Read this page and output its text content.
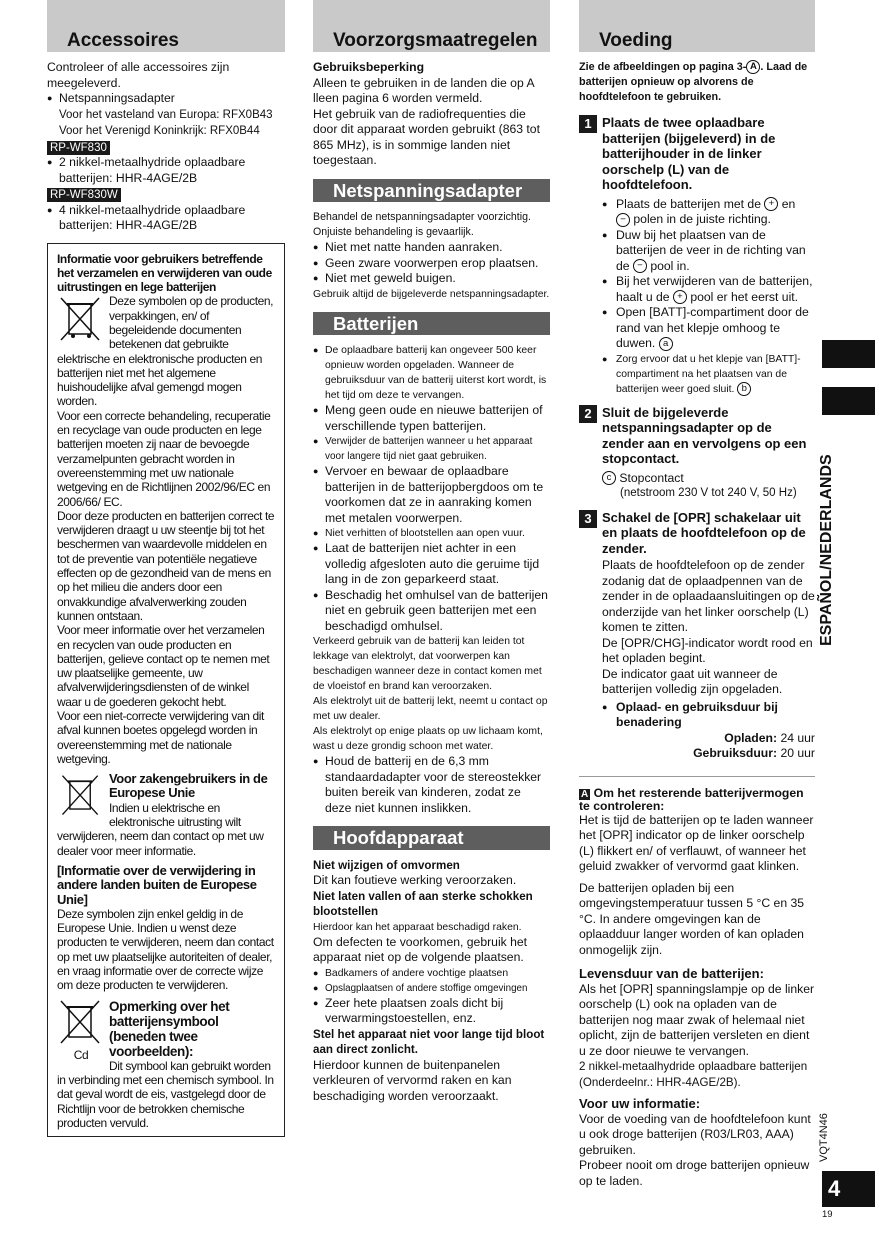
Accessoires

Controleer of alle accessoires zijn meegeleverd.

● Netspanningsadapter

Voor het vasteland van Europa: RFX0B43

Voor het Verenigd Koninkrijk: RFX0B44

RP-WF830

● 2 nikkel-metaalhydride oplaadbare batterijen: HHR-4AGE/2B

RP-WF830W

● 4 nikkel-metaalhydride oplaadbare batterijen: HHR-4AGE/2B

Informatie voor gebruikers betreffende het verzamelen en verwijderen van oude uitrustingen en lege batterijen

Deze symbolen op de producten, verpakkingen, en/ of begeleidende documenten betekenen dat gebruikte elektrische en elektronische producten en batterijen niet met het algemene huishoudelijke afval gemengd mogen worden.

Voor een correcte behandeling, recuperatie en recyclage van oude producten en lege batterijen moeten zij naar de bevoegde verzamelpunten gebracht worden in overeenstemming met uw nationale wetgeving en de Richtlijnen 2002/96/EC en 2006/66/ EC.

Door deze producten en batterijen correct te verwijderen draagt u uw steentje bij tot het beschermen van waardevolle middelen en tot de preventie van potentiële negatieve effecten op de gezondheid van de mens en op het milieu die anders door een onvakkundige afvalverwerking zouden kunnen ontstaan.

Voor meer informatie over het verzamelen en recyclen van oude producten en batterijen, gelieve contact op te nemen met uw plaatselijke gemeente, uw afvalverwijderingsdiensten of de winkel waar u de goederen gekocht hebt.

Voor een niet-correcte verwijdering van dit afval kunnen boetes opgelegd worden in overeenstemming met de nationale wetgeving.

Voor zakengebruikers in de Europese Unie

Indien u elektrische en elektronische uitrusting wilt verwijderen, neem dan contact op met uw dealer voor meer informatie.

[Informatie over de verwijdering in andere landen buiten de Europese Unie]

Deze symbolen zijn enkel geldig in de Europese Unie. Indien u wenst deze producten te verwijderen, neem dan contact op met uw plaatselijke autoriteiten of dealer, en vraag informatie over de correcte wijze om deze producten te verwijderen.

Cd

Opmerking over het batterijensymbool (beneden twee voorbeelden):

Dit symbool kan gebruikt worden in verbinding met een chemisch symbool. In dat geval wordt de eis, vastgelegd door de Richtlijn voor de betrokken chemische producten vervuld.

Voorzorgsmaatregelen

Gebruiksbeperking

Alleen te gebruiken in de landen die op A lleen pagina 6 worden vermeld.

Het gebruik van de radiofrequenties die door dit apparaat worden gebruikt (863 tot 865 MHz), is in sommige landen niet toegestaan.

Netspanningsadapter

Behandel de netspanningsadapter voorzichtig. Onjuiste behandeling is gevaarlijk.

● Niet met natte handen aanraken.

● Geen zware voorwerpen erop plaatsen.

● Niet met geweld buigen.

Gebruik altijd de bijgeleverde netspanningsadapter.

Batterijen

● De oplaadbare batterij kan ongeveer 500 keer opnieuw worden opgeladen. Wanneer de gebruiksduur van de batterij uiterst kort wordt, is het tijd om deze te vervangen.

● Meng geen oude en nieuwe batterijen of verschillende typen batterijen.

● Verwijder de batterijen wanneer u het apparaat voor langere tijd niet gaat gebruiken.

● Vervoer en bewaar de oplaadbare batterijen in de batterijopbergdoos om te voorkomen dat ze in aanraking komen met metalen voorwerpen.

● Niet verhitten of blootstellen aan open vuur.

● Laat de batterijen niet achter in een volledig afgesloten auto die geruime tijd lang in de zon geparkeerd staat.

● Beschadig het omhulsel van de batterijen niet en gebruik geen batterijen met een beschadigd omhulsel.

Verkeerd gebruik van de batterij kan leiden tot lekkage van elektrolyt, dat voorwerpen kan beschadigen wanneer deze in contact komen met de vloeistof en brand kan veroorzaken.

Als elektrolyt uit de batterij lekt, neemt u contact op met uw dealer.

Als elektrolyt op enige plaats op uw lichaam komt, wast u deze grondig schoon met water.

● Houd de batterij en de 6,3 mm standaardadapter voor de stereostekker buiten bereik van kinderen, zodat ze deze niet kunnen inslikken.

Hoofdapparaat

Niet wijzigen of omvormen

Dit kan foutieve werking veroorzaken.

Niet laten vallen of aan sterke schokken blootstellen

Hierdoor kan het apparaat beschadigd raken.

Om defecten te voorkomen, gebruik het apparaat niet op de volgende plaatsen.

● Badkamers of andere vochtige plaatsen

● Opslagplaatsen of andere stoffige omgevingen

● Zeer hete plaatsen zoals dicht bij verwarmingstoestellen, enz.

Stel het apparaat niet voor lange tijd bloot aan direct zonlicht.

Hierdoor kunnen de buitenpanelen verkleuren of vervormd raken en kan beschadiging worden veroorzaakt.

Voeding

Zie de afbeeldingen op pagina 3- A . Laad de batterijen opnieuw op alvorens de hoofdtelefoon te gebruiken.

1 Plaats de twee oplaadbare batterijen (bijgeleverd) in de batterijhouder in de linker oorschelp (L) van de hoofdtelefoon.

● Plaats de batterijen met de + en
− polen in de juiste richting.

● Duw bij het plaatsen van de batterijen de veer in de richting van de − pool in.

● Bij het verwijderen van de batterijen, haalt u de + pool er het eerst uit.

● Open [BATT]-compartiment door de rand van het klepje omhoog te duwen. a

● Zorg ervoor dat u het klepje van [BATT]-compartiment na het plaatsen van de batterijen weer goed sluit. b

2 Sluit de bijgeleverde netspanningsadapter op de zender aan en vervolgens op een stopcontact.

c Stopcontact

(netstroom 230 V tot 240 V, 50 Hz)

3 Schakel de [OPR] schakelaar uit en plaats de hoofdtelefoon op de zender.

Plaats de hoofdtelefoon op de zender zodanig dat de oplaadpennen van de zender in de oplaadaansluitingen op de onderzijde van het linker oorschelp (L) komen te zitten.

De [OPR/CHG]-indicator wordt rood en het opladen begint.

De indicator gaat uit wanneer de batterijen volledig zijn opgeladen.

● Oplaad- en gebruiksduur bij benadering

Opladen: 24 uur

Gebruiksduur: 20 uur

A Om het resterende batterijvermogen te controleren:

Het is tijd de batterijen op te laden wanneer het [OPR] indicator op de linker oorschelp (L) flikkert en/ of verflauwt, of wanneer het geluid zwakker of vervormd gaat klinken.

De batterijen opladen bij een omgevingstemperatuur tussen 5 °C en 35 °C. In andere omgevingen kan de oplaadduur langer worden of kan opladen onmogelijk zijn.

Levensduur van de batterijen:

Als het [OPR] spanningslampje op de linker oorschelp (L) ook na opladen van de batterijen nog maar zwak of helemaal niet oplicht, zijn de batterijen versleten en dient u ze door nieuwe te vervangen.

2 nikkel-metaalhydride oplaadbare batterijen (Onderdeelnr.: HHR-4AGE/2B).

Voor uw informatie:

Voor de voeding van de hoofdtelefoon kunt u ook droge batterijen (R03/LR03, AAA) gebruiken.

Probeer nooit om droge batterijen opnieuw op te laden.

ESPAÑOL/NEDERLANDS
VQT4N46
4
19
